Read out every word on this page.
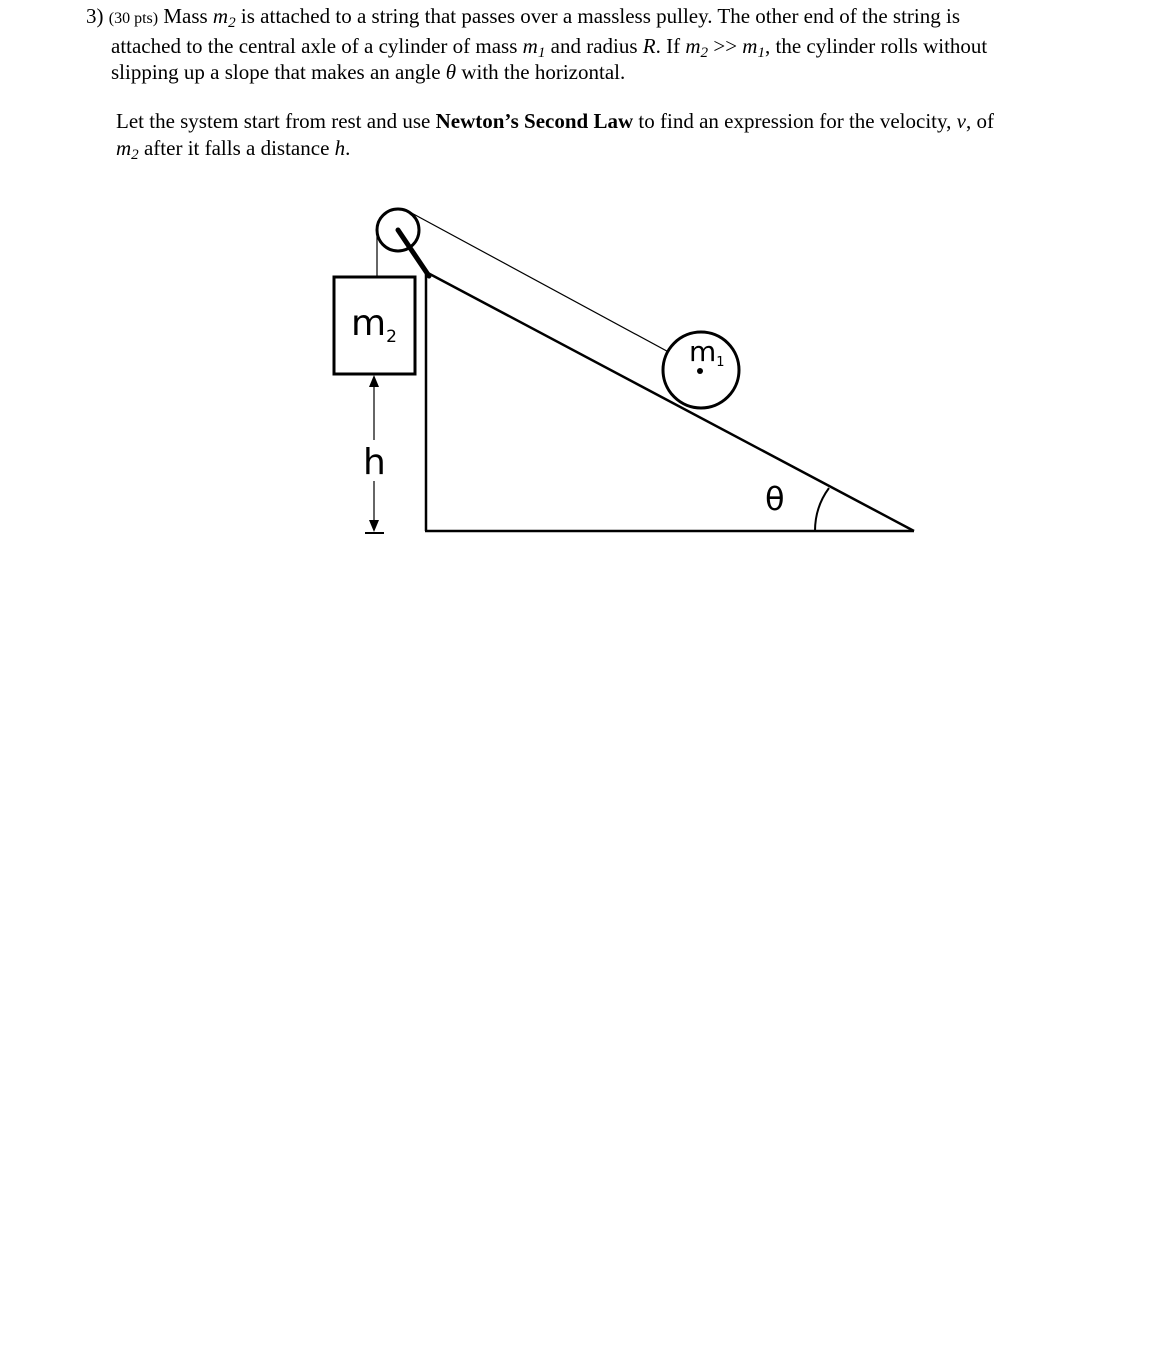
3) (30 pts) Mass $m_2$ is attached to a string that passes over a massless pulley. The other end of the string is
attached to the central axle of a cylinder of mass $m_1$ and radius R. If $m_2 >> m_1$, the cylinder rolls without
slipping up a slope that makes an angle θ with the horizontal.
Let the system start from rest and use Newton’s Second Law to find an expression for the velocity, v, of
$m_2$ after it falls a distance h.
m2	m1
h
θ
